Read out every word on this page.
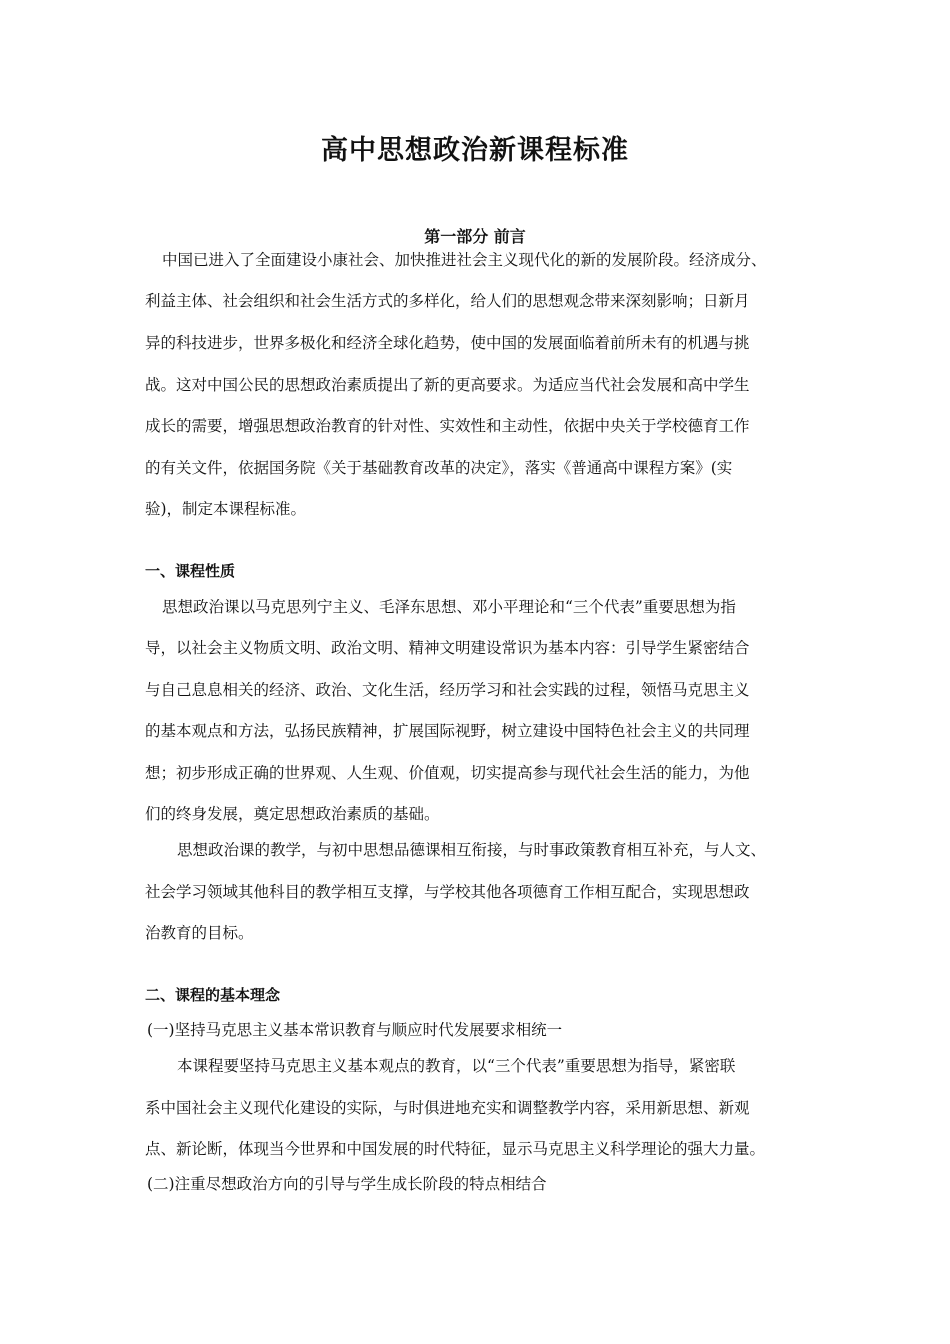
高中思想政治新课程标准
第一部分 前言
中国已进入了全面建设小康社会、加快推进社会主义现代化的新的发展阶段。经济成分、
利益主体、社会组织和社会生活方式的多样化，给人们的思想观念带来深刻影响；日新月
异的科技进步，世界多极化和经济全球化趋势，使中国的发展面临着前所未有的机遇与挑
战。这对中国公民的思想政治素质提出了新的更高要求。为适应当代社会发展和高中学生
成长的需要，增强思想政治教育的针对性、实效性和主动性，依据中央关于学校德育工作
的有关文件，依据国务院《关于基础教育改革的决定》，落实《普通高中课程方案》(实
验)，制定本课程标准。
一、课程性质
思想政治课以马克思列宁主义、毛泽东思想、邓小平理论和“三个代表”重要思想为指
导，以社会主义物质文明、政治文明、精神文明建设常识为基本内容：引导学生紧密结合
与自己息息相关的经济、政治、文化生活，经历学习和社会实践的过程，领悟马克思主义
的基本观点和方法，弘扬民族精神，扩展国际视野，树立建设中国特色社会主义的共同理
想；初步形成正确的世界观、人生观、价值观，切实提高参与现代社会生活的能力，为他
们的终身发展，奠定思想政治素质的基础。
思想政治课的教学，与初中思想品德课相互衔接，与时事政策教育相互补充，与人文、
社会学习领域其他科目的教学相互支撑，与学校其他各项德育工作相互配合，实现思想政
治教育的目标。
二、课程的基本理念
(一)坚持马克思主义基本常识教育与顺应时代发展要求相统一
本课程要坚持马克思主义基本观点的教育，以“三个代表”重要思想为指导，紧密联
系中国社会主义现代化建设的实际，与时俱进地充实和调整教学内容，采用新思想、新观
点、新论断，体现当今世界和中国发展的时代特征，显示马克思主义科学理论的强大力量。
(二)注重尽想政治方向的引导与学生成长阶段的特点相结合
